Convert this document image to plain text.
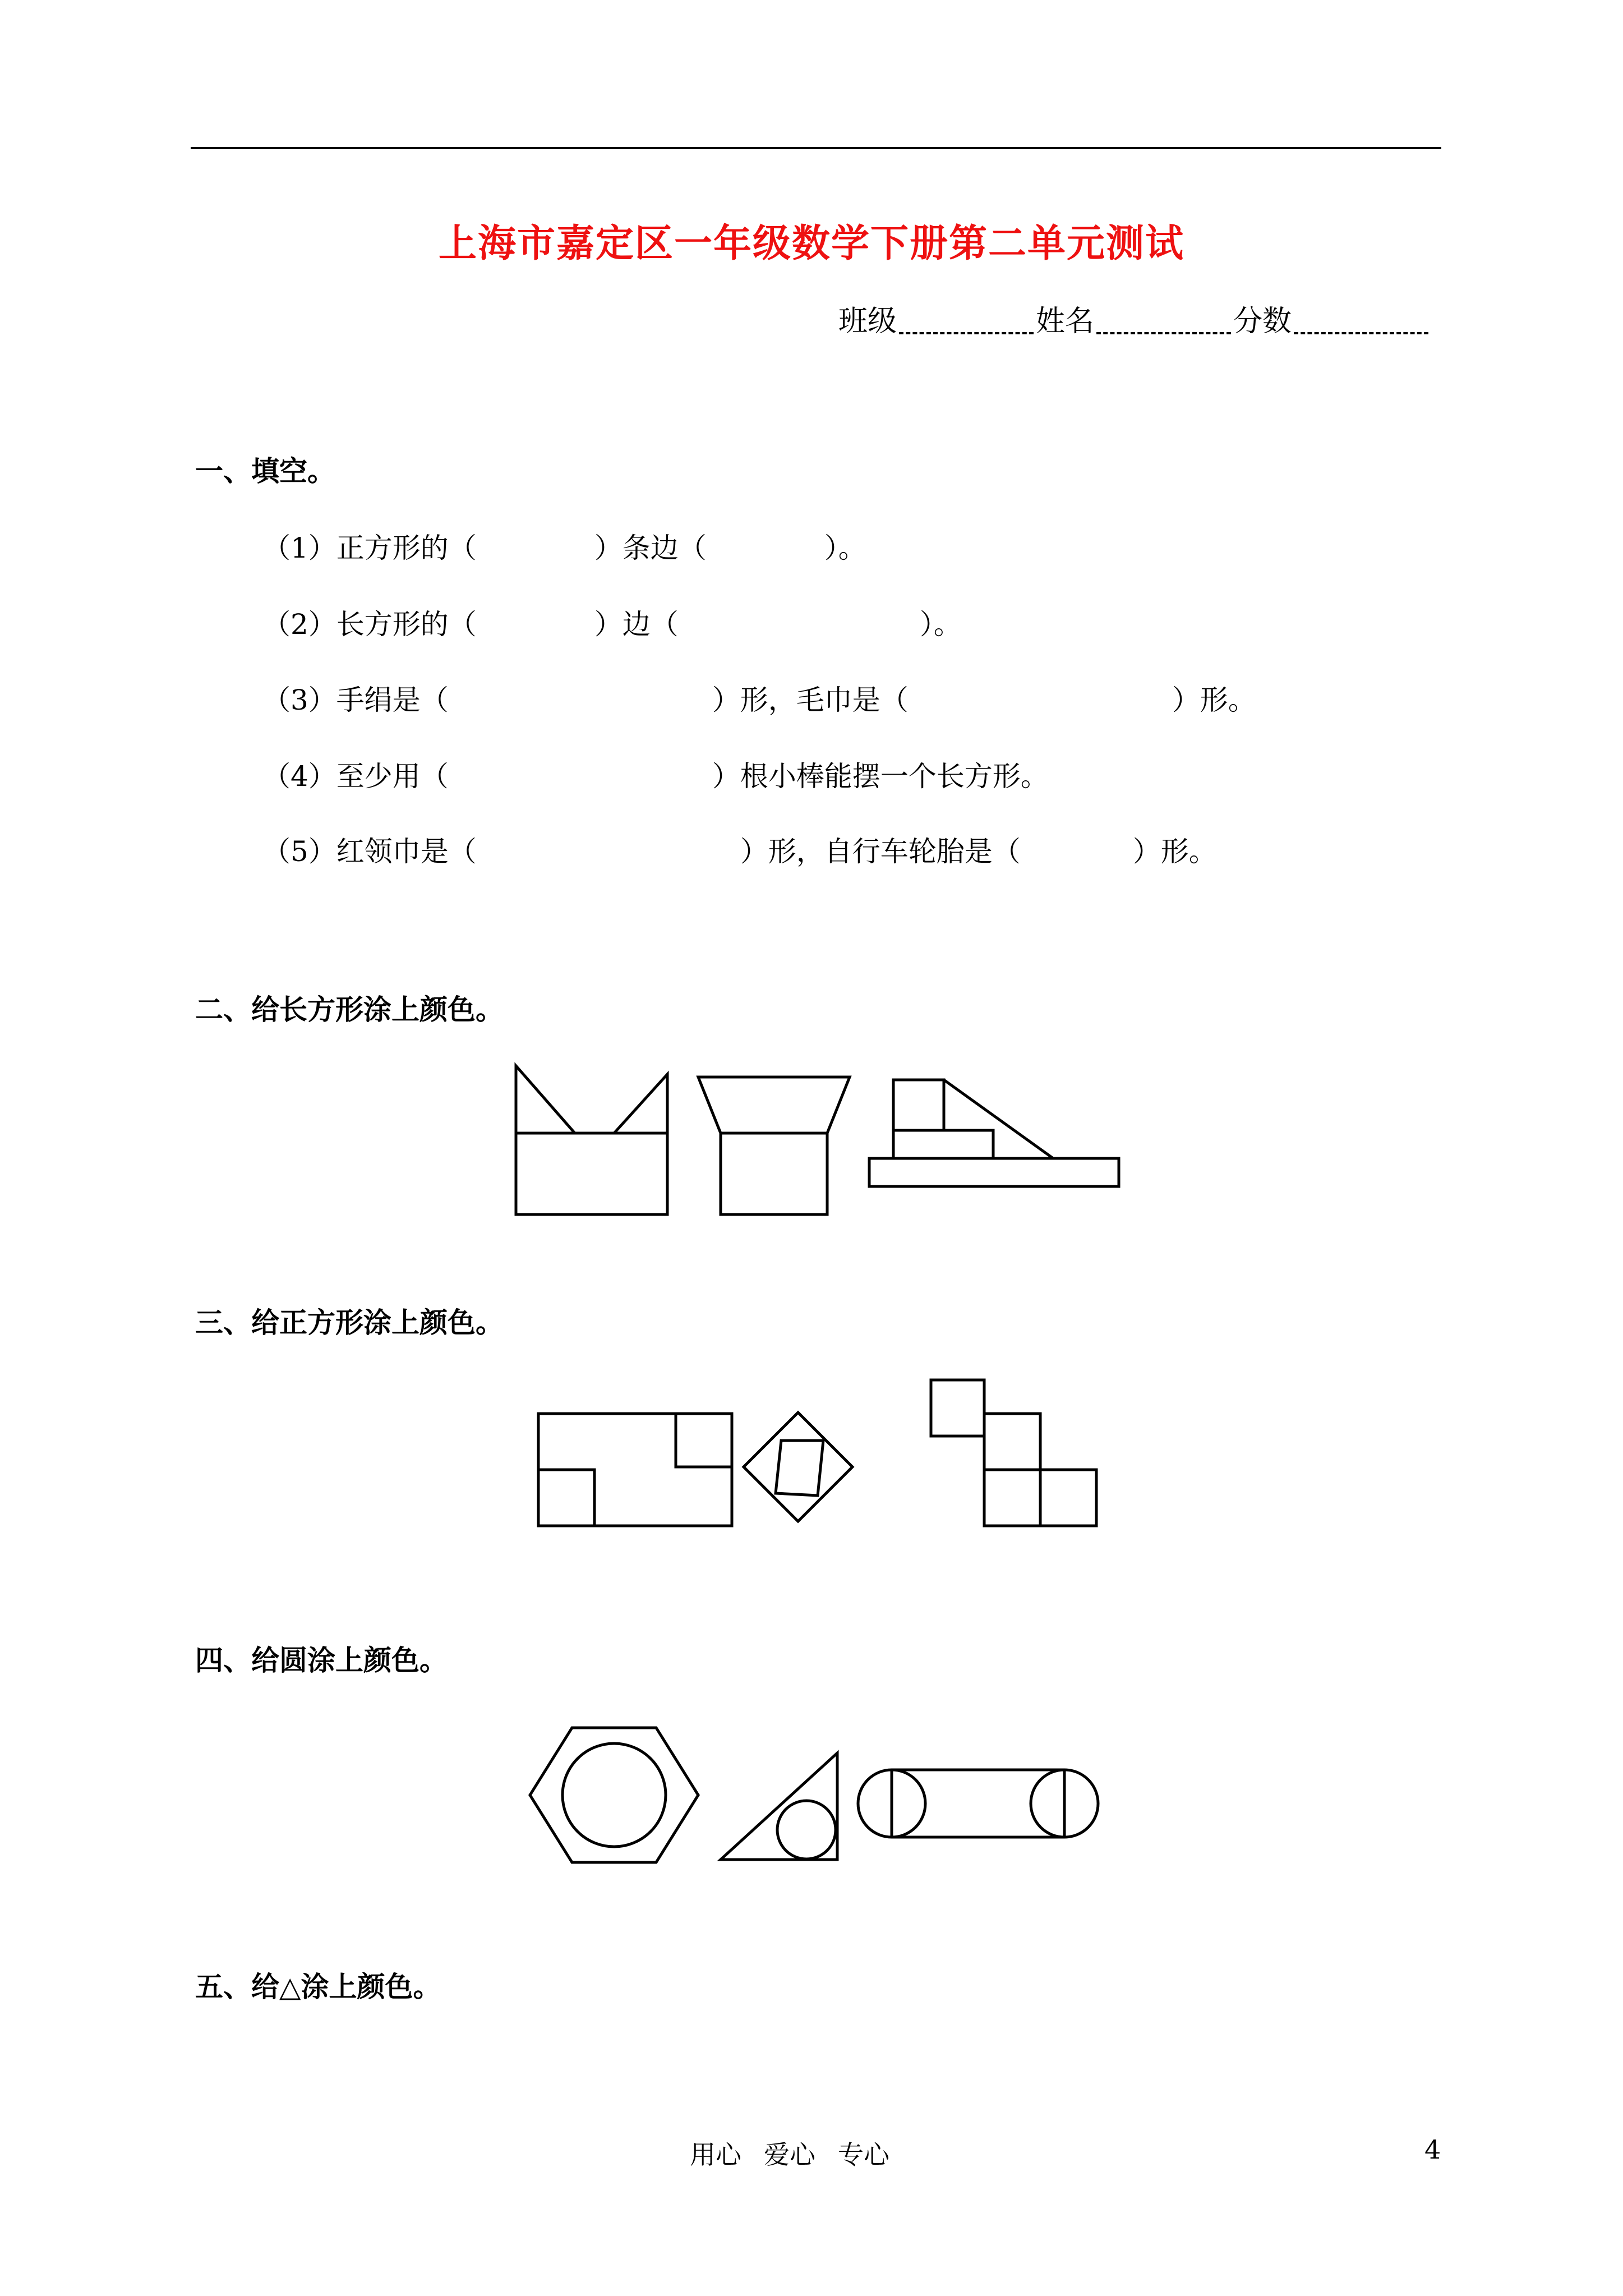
上海市嘉定区一年级数学下册第二单元测试
班级	姓名	分数
一、填空。
（1）正方形的（	）条边（	）。
（2）长方形的（	）边（	）。
（3）手绢是（	）形，毛巾是（	）形。
（4）至少用（	）根小棒能摆一个长方形。
（5）红领巾是（	）形，自行车轮胎是（	）形。
二、给长方形涂上颜色。
三、给正方形涂上颜色。
四、给圆涂上颜色。
五、给△涂上颜色。
用心 爱心 专心	4
